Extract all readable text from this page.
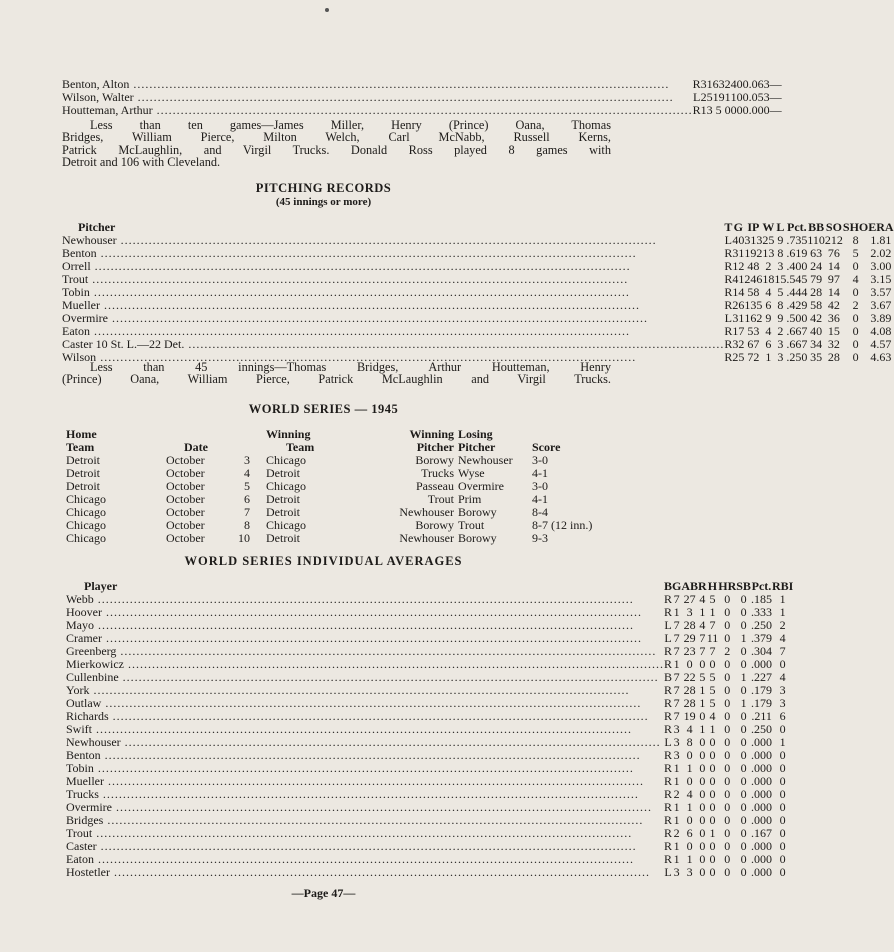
Benton, Alton .....	R	31	63	2	4	0	0	.063	—
Wilson, Walter .....	L	25	19	1	1	0	0	.053	—
Houtteman, Arthur .....	R	13	5	0	0	0	0	.000	—
Less than ten games—James Miller, Henry (Prince) Oana, Thomas
Bridges, William Pierce, Milton Welch, Carl McNabb, Russell Kerns,
Patrick McLaughlin, and Virgil Trucks. Donald Ross played 8 games with
Detroit and 106 with Cleveland.
PITCHING RECORDS
(45 innings or more)
Pitcher	T	G	IP	W	L	Pct.	BB	SO	SHO	ERA
Newhouser .....	L	40	313	25	9	.735	110	212	8	1.81
Benton .....	R	31	192	13	8	.619	63	76	5	2.02
Orrell .....	R	12	48	2	3	.400	24	14	0	3.00
Trout .....	R	41	246	18	15	.545	79	97	4	3.15
Tobin .....	R	14	58	4	5	.444	28	14	0	3.57
Mueller .....	R	26	135	6	8	.429	58	42	2	3.67
Overmire .....	L	31	162	9	9	.500	42	36	0	3.89
Eaton .....	R	17	53	4	2	.667	40	15	0	4.08
Caster 10 St. L.—22 Det. .....	R	32	67	6	3	.667	34	32	0	4.57
Wilson .....	R	25	72	1	3	.250	35	28	0	4.63
Less than 45 innings—Thomas Bridges, Arthur Houtteman, Henry
(Prince) Oana, William Pierce, Patrick McLaughlin and Virgil Trucks.
WORLD SERIES — 1945
Home			Winning	Winning	Losing	
Team	Date		Team	Pitcher	Pitcher	Score
Detroit	October	3	Chicago	Borowy	Newhouser	3-0
Detroit	October	4	Detroit	Trucks	Wyse	4-1
Detroit	October	5	Chicago	Passeau	Overmire	3-0
Chicago	October	6	Detroit	Trout	Prim	4-1
Chicago	October	7	Detroit	Newhouser	Borowy	8-4
Chicago	October	8	Chicago	Borowy	Trout	8-7 (12 inn.)
Chicago	October	10	Detroit	Newhouser	Borowy	9-3
WORLD SERIES INDIVIDUAL AVERAGES
Player	B	G	AB	R	H	HR	SB	Pct.	RBI
Webb .....	R	7	27	4	5	0	0	.185	1
Hoover .....	R	1	3	1	1	0	0	.333	1
Mayo .....	L	7	28	4	7	0	0	.250	2
Cramer .....	L	7	29	7	11	0	1	.379	4
Greenberg .....	R	7	23	7	7	2	0	.304	7
Mierkowicz .....	R	1	0	0	0	0	0	.000	0
Cullenbine .....	B	7	22	5	5	0	1	.227	4
York .....	R	7	28	1	5	0	0	.179	3
Outlaw .....	R	7	28	1	5	0	1	.179	3
Richards .....	R	7	19	0	4	0	0	.211	6
Swift .....	R	3	4	1	1	0	0	.250	0
Newhouser .....	L	3	8	0	0	0	0	.000	1
Benton .....	R	3	0	0	0	0	0	.000	0
Tobin .....	R	1	1	0	0	0	0	.000	0
Mueller .....	R	1	0	0	0	0	0	.000	0
Trucks .....	R	2	4	0	0	0	0	.000	0
Overmire .....	R	1	1	0	0	0	0	.000	0
Bridges .....	R	1	0	0	0	0	0	.000	0
Trout .....	R	2	6	0	1	0	0	.167	0
Caster .....	R	1	0	0	0	0	0	.000	0
Eaton .....	R	1	1	0	0	0	0	.000	0
Hostetler .....	L	3	3	0	0	0	0	.000	0
—Page 47—
